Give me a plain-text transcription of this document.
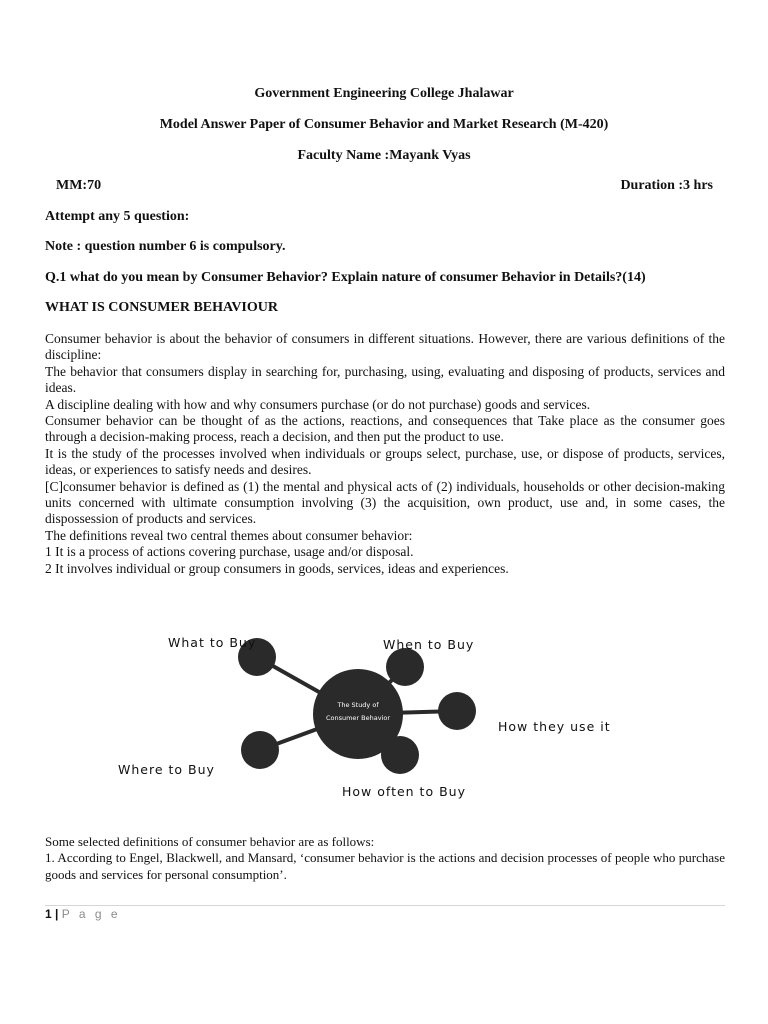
Government Engineering College Jhalawar
Model Answer Paper of Consumer Behavior and Market Research (M-420)
Faculty Name :Mayank Vyas
MM:70	Duration :3 hrs
Attempt any 5 question:
Note : question number 6 is compulsory.
Q.1 what do you mean by Consumer Behavior? Explain nature of consumer Behavior in Details?(14)
WHAT IS CONSUMER BEHAVIOUR

Consumer behavior is about the behavior of consumers in different situations. However, there are various definitions of the discipline:

The behavior that consumers display in searching for, purchasing, using, evaluating and disposing of products, services and ideas.

A discipline dealing with how and why consumers purchase (or do not purchase) goods and services.

Consumer behavior can be thought of as the actions, reactions, and consequences that Take place as the consumer goes through a decision-making process, reach a decision, and then put the product to use.

It is the study of the processes involved when individuals or groups select, purchase, use, or dispose of products, services, ideas, or experiences to satisfy needs and desires.

[C]consumer behavior is defined as (1) the mental and physical acts of (2) individuals, households or other decision-making units concerned with ultimate consumption involving (3) the acquisition, own product, use and, in some cases, the dispossession of products and services.

The definitions reveal two central themes about consumer behavior:

1 It is a process of actions covering purchase, usage and/or disposal.

2 It involves individual or group consumers in goods, services, ideas and experiences.

The Study of
Consumer Behavior
What to Buy	When to Buy
How they use it
Where to Buy
How often to Buy

Some selected definitions of consumer behavior are as follows:

1. According to Engel, Blackwell, and Mansard, ‘consumer behavior is the actions and decision processes of people who purchase goods and services for personal consumption’.

1 | P a g e
